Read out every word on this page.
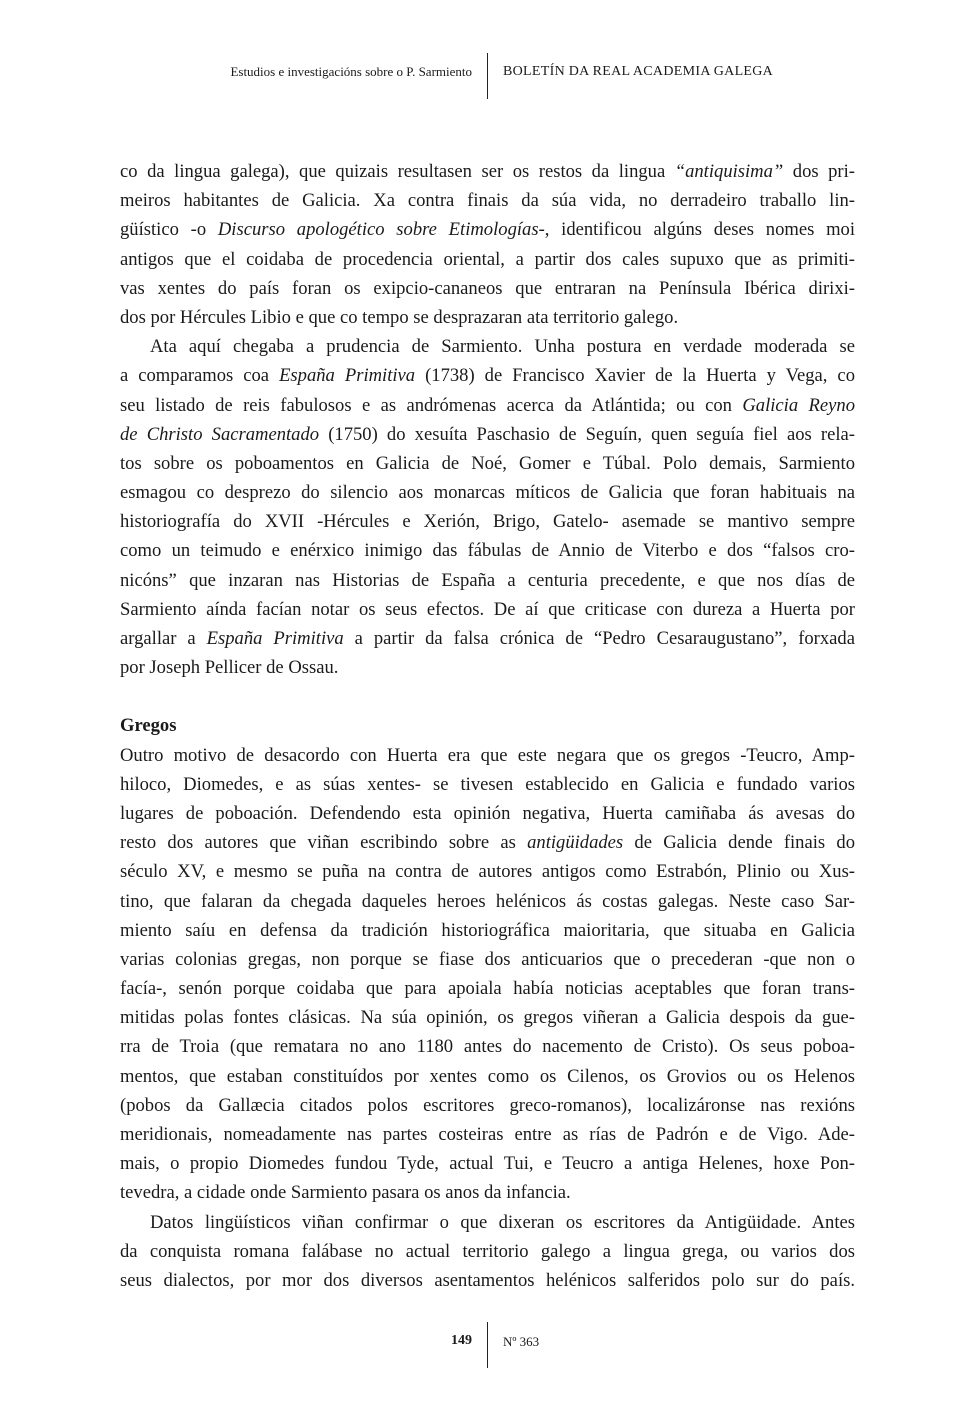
Estudios e investigacións sobre o P. Sarmiento BOLETÍN DA REAL ACADEMIA GALEGA
co da lingua galega), que quizais resultasen ser os restos da lingua “antiquisima” dos pri-
meiros habitantes de Galicia. Xa contra finais da súa vida, no derradeiro traballo lin-
güístico -o Discurso apologético sobre Etimologías-, identificou algúns deses nomes moi
antigos que el coidaba de procedencia oriental, a partir dos cales supuxo que as primiti-
vas xentes do país foran os exipcio-cananeos que entraran na Península Ibérica dirixi-
dos por Hércules Libio e que co tempo se desprazaran ata territorio galego.
Ata aquí chegaba a prudencia de Sarmiento. Unha postura en verdade moderada se
a comparamos coa España Primitiva (1738) de Francisco Xavier de la Huerta y Vega, co
seu listado de reis fabulosos e as andrómenas acerca da Atlántida; ou con Galicia Reyno
de Christo Sacramentado (1750) do xesuíta Paschasio de Seguín, quen seguía fiel aos rela-
tos sobre os poboamentos en Galicia de Noé, Gomer e Túbal. Polo demais, Sarmiento
esmagou co desprezo do silencio aos monarcas míticos de Galicia que foran habituais na
historiografía do XVII -Hércules e Xerión, Brigo, Gatelo- asemade se mantivo sempre
como un teimudo e enérxico inimigo das fábulas de Annio de Viterbo e dos “falsos cro-
nicóns” que inzaran nas Historias de España a centuria precedente, e que nos días de
Sarmiento aínda facían notar os seus efectos. De aí que criticase con dureza a Huerta por
argallar a España Primitiva a partir da falsa crónica de “Pedro Cesaraugustano”, forxada
por Joseph Pellicer de Ossau.
Gregos
Outro motivo de desacordo con Huerta era que este negara que os gregos -Teucro, Amp-
hiloco, Diomedes, e as súas xentes- se tivesen establecido en Galicia e fundado varios
lugares de poboación. Defendendo esta opinión negativa, Huerta camiñaba ás avesas do
resto dos autores que viñan escribindo sobre as antigüidades de Galicia dende finais do
século XV, e mesmo se puña na contra de autores antigos como Estrabón, Plinio ou Xus-
tino, que falaran da chegada daqueles heroes helénicos ás costas galegas. Neste caso Sar-
miento saíu en defensa da tradición historiográfica maioritaria, que situaba en Galicia
varias colonias gregas, non porque se fiase dos anticuarios que o precederan -que non o
facía-, senón porque coidaba que para apoiala había noticias aceptables que foran trans-
mitidas polas fontes clásicas. Na súa opinión, os gregos viñeran a Galicia despois da gue-
rra de Troia (que rematara no ano 1180 antes do nacemento de Cristo). Os seus poboa-
mentos, que estaban constituídos por xentes como os Cilenos, os Grovios ou os Helenos
(pobos da Gallæcia citados polos escritores greco-romanos), localizáronse nas rexións
meridionais, nomeadamente nas partes costeiras entre as rías de Padrón e de Vigo. Ade-
mais, o propio Diomedes fundou Tyde, actual Tui, e Teucro a antiga Helenes, hoxe Pon-
tevedra, a cidade onde Sarmiento pasara os anos da infancia.
Datos lingüísticos viñan confirmar o que dixeran os escritores da Antigüidade. Antes
da conquista romana falábase no actual territorio galego a lingua grega, ou varios dos
seus dialectos, por mor dos diversos asentamentos helénicos salferidos polo sur do país.
149 Nº 363
